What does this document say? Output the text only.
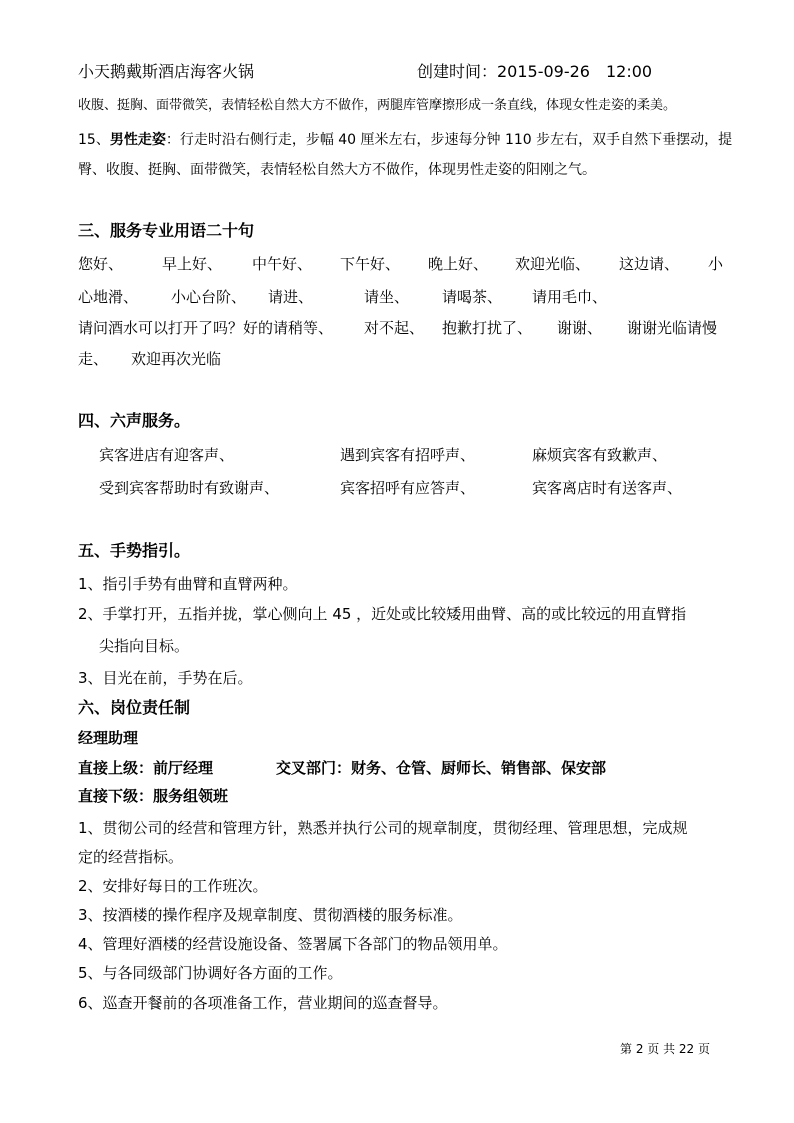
小天鹅戴斯酒店海客火锅	创建时间：2015-09-26　12:00
收腹、挺胸、面带微笑，表情轻松自然大方不做作，两腿库管摩擦形成一条直线，体现女性走姿的柔美。
15、男性走姿：行走时沿右侧行走，步幅 40 厘米左右，步速每分钟 110 步左右，双手自然下垂摆动，提
臀、收腹、挺胸、面带微笑，表情轻松自然大方不做作，体现男性走姿的阳刚之气。
三、服务专业用语二十句
您好、	早上好、 中午好、 下午好、 晚上好、 欢迎光临、 这边请、 小
心地滑、 小心台阶、 请进、	请坐、 请喝茶、 请用毛巾、
请问酒水可以打开了吗？好的请稍等、 对不起、 抱歉打扰了、 谢谢、 谢谢光临请慢
走、 欢迎再次光临
四、六声服务。
宾客进店有迎客声、	遇到宾客有招呼声、	麻烦宾客有致歉声、
受到宾客帮助时有致谢声、	宾客招呼有应答声、	宾客离店时有送客声、
五、手势指引。
1、指引手势有曲臂和直臂两种。
2、手掌打开，五指并拢，掌心侧向上 45 ，近处或比较矮用曲臂、高的或比较远的用直臂指
尖指向目标。
3、目光在前，手势在后。
六、岗位责任制
经理助理
直接上级：前厅经理	交叉部门：财务、仓管、厨师长、销售部、保安部
直接下级：服务组领班
1、贯彻公司的经营和管理方针，熟悉并执行公司的规章制度，贯彻经理、管理思想，完成规
定的经营指标。
2、安排好每日的工作班次。
3、按酒楼的操作程序及规章制度、贯彻酒楼的服务标准。
4、管理好酒楼的经营设施设备、签署属下各部门的物品领用单。
5、与各同级部门协调好各方面的工作。
6、巡查开餐前的各项准备工作，营业期间的巡查督导。
第 2 页 共 22 页
